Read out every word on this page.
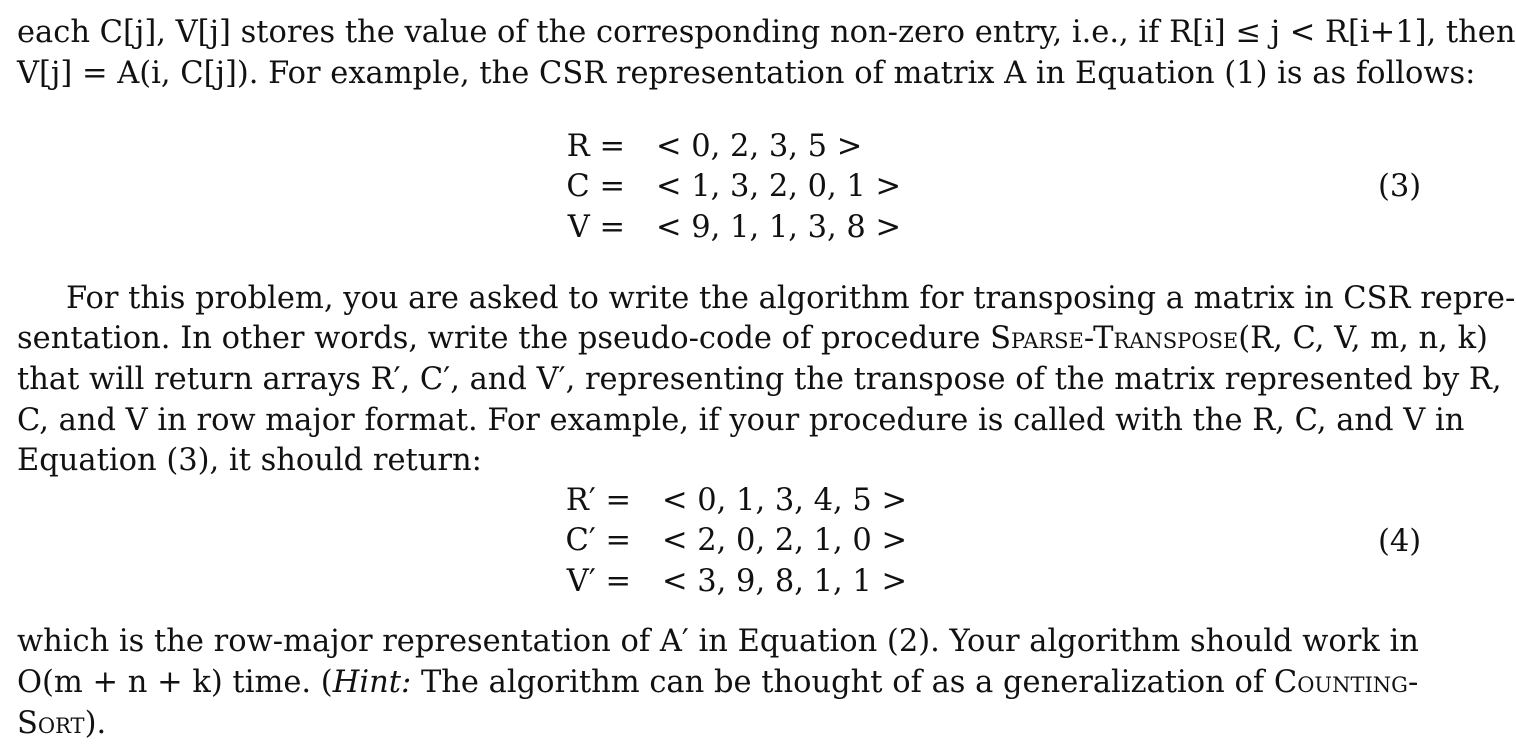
each C[j], V[j] stores the value of the corresponding non-zero entry, i.e., if R[i] ≤ j < R[i+1], then
V[j] = A(i, C[j]). For example, the CSR representation of matrix A in Equation (1) is as follows:
R = < 0, 2, 3, 5 >
C = < 1, 3, 2, 0, 1 >
V = < 9, 1, 1, 3, 8 >
(3)
For this problem, you are asked to write the algorithm for transposing a matrix in CSR repre-
sentation. In other words, write the pseudo-code of procedure Sparse-Transpose(R, C, V, m, n, k)
that will return arrays R′, C′, and V′, representing the transpose of the matrix represented by R,
C, and V in row major format. For example, if your procedure is called with the R, C, and V in
Equation (3), it should return:
R′ = < 0, 1, 3, 4, 5 >
C′ = < 2, 0, 2, 1, 0 >
V′ = < 3, 9, 8, 1, 1 >
(4)
which is the row-major representation of A′ in Equation (2). Your algorithm should work in
O(m + n + k) time. (Hint: The algorithm can be thought of as a generalization of Counting-
Sort).
